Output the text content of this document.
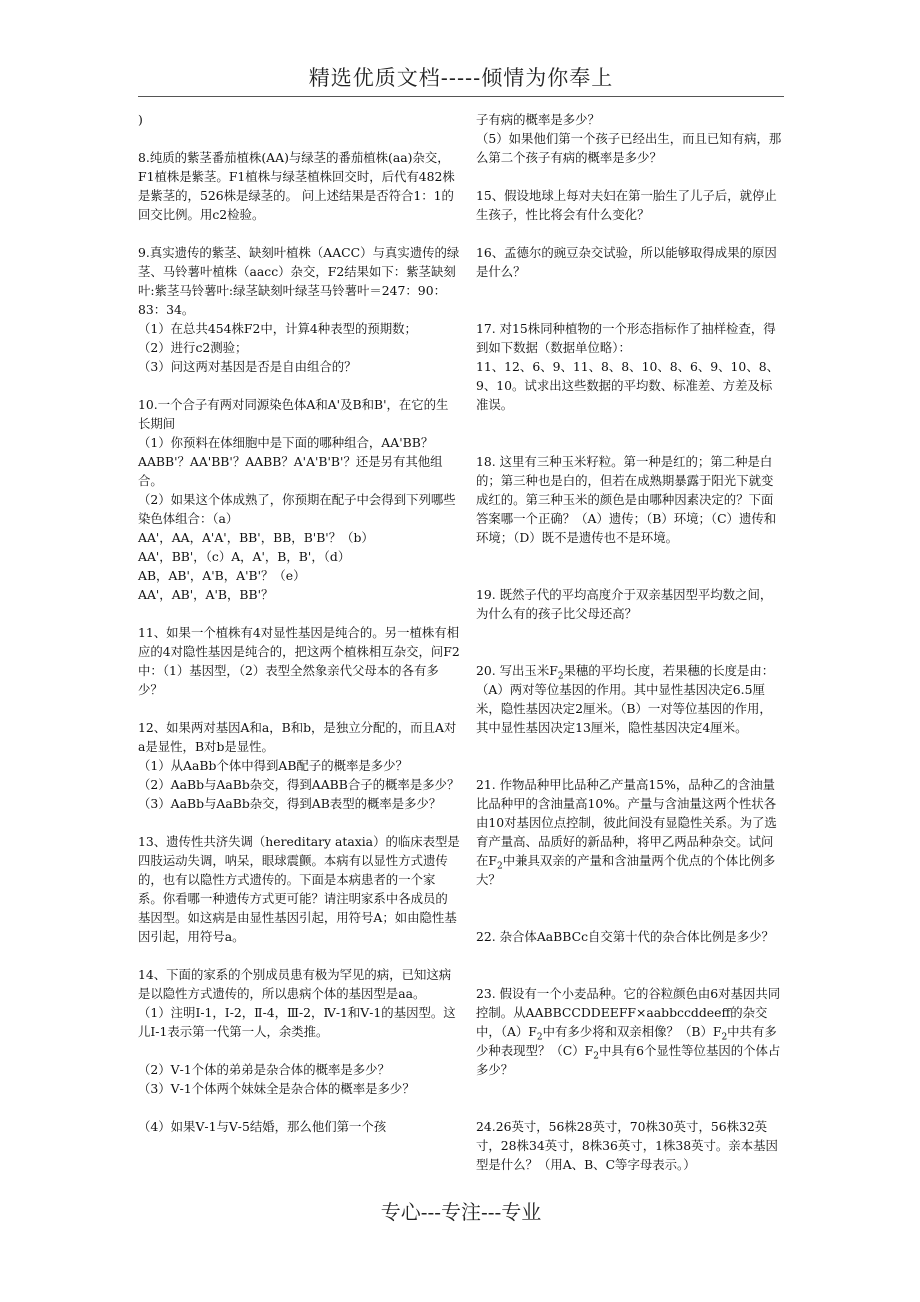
精选优质文档-----倾情为你奉上

)

8.纯质的紫茎番茄植株(AA)与绿茎的番茄植株(aa)杂交，F1植株是紫茎。F1植株与绿茎植株回交时，后代有482株是紫茎的，526株是绿茎的。 问上述结果是否符合1：1的回交比例。用c2检验。

9.真实遗传的紫茎、缺刻叶植株（AACC）与真实遗传的绿茎、马铃薯叶植株（aacc）杂交，F2结果如下：紫茎缺刻叶:紫茎马铃薯叶:绿茎缺刻叶绿茎马铃薯叶＝247：90：83：34。
（1）在总共454株F2中，计算4种表型的预期数；
（2）进行c2测验；
（3）问这两对基因是否是自由组合的？

10.一个合子有两对同源染色体A和A'及B和B'，在它的生长期间
（1）你预料在体细胞中是下面的哪种组合，AA'BB？AABB'？AA'BB'？AABB？A'A'B'B'？还是另有其他组合。
（2）如果这个体成熟了，你预期在配子中会得到下列哪些染色体组合：（a）
AA'，AA，A'A'，BB'，BB，B'B'？（b）
AA'，BB'，（c）A，A'，B，B'，（d）
AB，AB'，A'B，A'B'？（e）
AA'，AB'，A'B，BB'？

11、如果一个植株有4对显性基因是纯合的。另一植株有相应的4对隐性基因是纯合的，把这两个植株相互杂交，问F2中：（1）基因型，（2）表型全然象亲代父母本的各有多少？

12、如果两对基因A和a，B和b，是独立分配的，而且A对a是显性，B对b是显性。
（1）从AaBb个体中得到AB配子的概率是多少？
（2）AaBb与AaBb杂交，得到AABB合子的概率是多少？
（3）AaBb与AaBb杂交，得到AB表型的概率是多少？

13、遗传性共济失调（hereditary ataxia）的临床表型是四肢运动失调，呐呆，眼球震颤。本病有以显性方式遗传的，也有以隐性方式遗传的。下面是本病患者的一个家系。你看哪一种遗传方式更可能？请注明家系中各成员的基因型。如这病是由显性基因引起，用符号A；如由隐性基因引起，用符号a。

14、下面的家系的个别成员患有极为罕见的病，已知这病是以隐性方式遗传的，所以患病个体的基因型是aa。
（1）注明Ⅰ-1，Ⅰ-2，Ⅱ-4，Ⅲ-2，Ⅳ-1和Ⅴ-1的基因型。这儿Ⅰ-1表示第一代第一人，余类推。

（2）Ⅴ-1个体的弟弟是杂合体的概率是多少？
（3）Ⅴ-1个体两个妹妹全是杂合体的概率是多少？

（4）如果Ⅴ-1与Ⅴ-5结婚，那么他们第一个孩

子有病的概率是多少？
（5）如果他们第一个孩子已经出生，而且已知有病，那么第二个孩子有病的概率是多少？

15、假设地球上每对夫妇在第一胎生了儿子后，就停止生孩子，性比将会有什么变化？

16、孟德尔的豌豆杂交试验，所以能够取得成果的原因是什么？

17. 对15株同种植物的一个形态指标作了抽样检查，得到如下数据（数据单位略）：
11、12、6、9、11、8、8、10、8、6、9、10、8、9、10。试求出这些数据的平均数、标准差、方差及标准误。

18. 这里有三种玉米籽粒。第一种是红的；第二种是白的；第三种也是白的，但若在成熟期暴露于阳光下就变成红的。第三种玉米的颜色是由哪种因素决定的？下面答案哪一个正确？（A）遗传；（B）环境；（C）遗传和环境；（D）既不是遗传也不是环境。

19. 既然子代的平均高度介于双亲基因型平均数之间，为什么有的孩子比父母还高？

20. 写出玉米$F_2$果穗的平均长度，若果穗的长度是由：（A）两对等位基因的作用。其中显性基因决定6.5厘米，隐性基因决定2厘米。（B）一对等位基因的作用，其中显性基因决定13厘米，隐性基因决定4厘米。

21. 作物品种甲比品种乙产量高15%，品种乙的含油量比品种甲的含油量高10%。产量与含油量这两个性状各由10对基因位点控制，彼此间没有显隐性关系。为了选育产量高、品质好的新品种，将甲乙两品种杂交。试问在$F_2$中兼具双亲的产量和含油量两个优点的个体比例多大？

22. 杂合体AaBBCc自交第十代的杂合体比例是多少？

23. 假设有一个小麦品种。它的谷粒颜色由6对基因共同控制。从AABBCCDDEEFF×aabbccddeeff的杂交中，$(A)F_2$中有多少将和双亲相像？$(B)F_2$中共有多少种表现型？$(C)F_2$中具有6个显性等位基因的个体占多少？

24.26英寸，56株28英寸，70株30英寸，56株32英寸，28株34英寸，8株36英寸，1株38英寸。亲本基因型是什么？（用A、B、C等字母表示。）

专心---专注---专业
